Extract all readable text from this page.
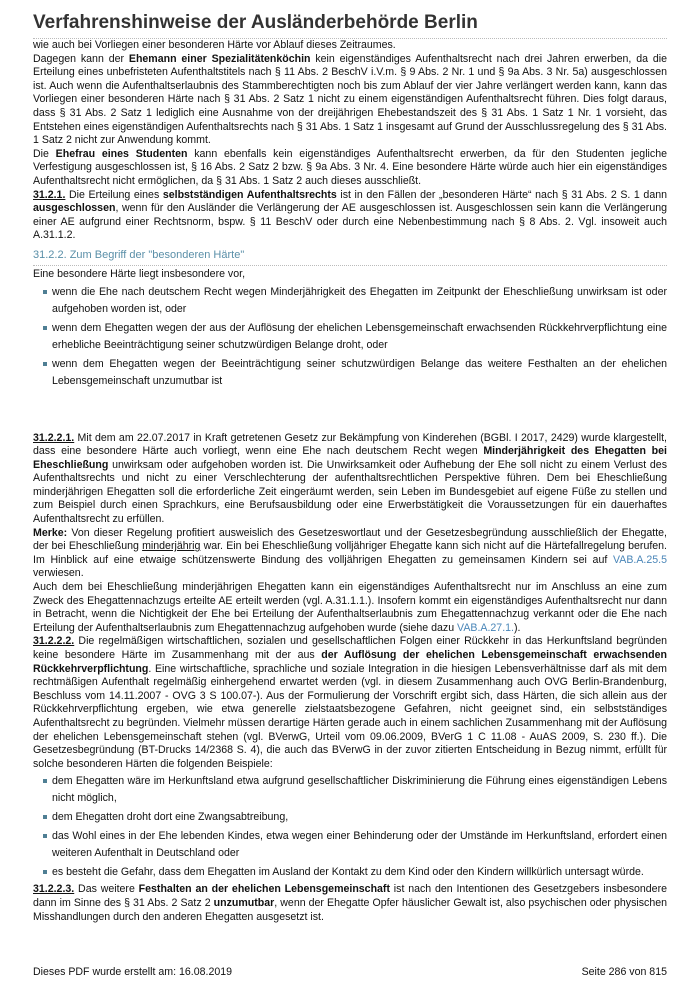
Verfahrenshinweise der Ausländerbehörde Berlin

wie auch bei Vorliegen einer besonderen Härte vor Ablauf dieses Zeitraumes.

Dagegen kann der Ehemann einer Spezialitätenköchin kein eigenständiges Aufenthaltsrecht nach drei Jahren erwerben, da die Erteilung eines unbefristeten Aufenthaltstitels nach § 11 Abs. 2 BeschV i.V.m. § 9 Abs. 2 Nr. 1 und § 9a Abs. 3 Nr. 5a) ausgeschlossen ist. Auch wenn die Aufenthaltserlaubnis des Stammberechtigten noch bis zum Ablauf der vier Jahre verlängert werden kann, kann das Vorliegen einer besonderen Härte nach § 31 Abs. 2 Satz 1 nicht zu einem eigenständigen Aufenthaltsrecht führen. Dies folgt daraus, dass § 31 Abs. 2 Satz 1 lediglich eine Ausnahme von der dreijährigen Ehebestandszeit des § 31 Abs. 1 Satz 1 Nr. 1 vorsieht, das Entstehen eines eigenständigen Aufenthaltsrechts nach § 31 Abs. 1 Satz 1 insgesamt auf Grund der Ausschlussregelung des § 31 Abs. 1 Satz 2 nicht zur Anwendung kommt.

Die Ehefrau eines Studenten kann ebenfalls kein eigenständiges Aufenthaltsrecht erwerben, da für den Studenten jegliche Verfestigung ausgeschlossen ist, § 16 Abs. 2 Satz 2 bzw. § 9a Abs. 3 Nr. 4. Eine besondere Härte würde auch hier ein eigenständiges Aufenthaltsrecht nicht ermöglichen, da § 31 Abs. 1 Satz 2 auch dieses ausschließt.

31.2.1. Die Erteilung eines selbstständigen Aufenthaltsrechts ist in den Fällen der „besonderen Härte“ nach § 31 Abs. 2 S. 1 dann ausgeschlossen, wenn für den Ausländer die Verlängerung der AE ausgeschlossen ist. Ausgeschlossen sein kann die Verlängerung einer AE aufgrund einer Rechtsnorm, bspw. § 11 BeschV oder durch eine Nebenbestimmung nach § 8 Abs. 2. Vgl. insoweit auch A.31.1.2.

31.2.2. Zum Begriff der "besonderen Härte"

Eine besondere Härte liegt insbesondere vor,

wenn die Ehe nach deutschem Recht wegen Minderjährigkeit des Ehegatten im Zeitpunkt der Eheschließung unwirksam ist oder aufgehoben worden ist, oder
wenn dem Ehegatten wegen der aus der Auflösung der ehelichen Lebensgemeinschaft erwachsenden Rückkehrverpflichtung eine erhebliche Beeinträchtigung seiner schutzwürdigen Belange droht, oder
wenn dem Ehegatten wegen der Beeinträchtigung seiner schutzwürdigen Belange das weitere Festhalten an der ehelichen Lebensgemeinschaft unzumutbar ist

31.2.2.1. Mit dem am 22.07.2017 in Kraft getretenen Gesetz zur Bekämpfung von Kinderehen (BGBl. I 2017, 2429) wurde klargestellt, dass eine besondere Härte auch vorliegt, wenn eine Ehe nach deutschem Recht wegen Minderjährigkeit des Ehegatten bei Eheschließung unwirksam oder aufgehoben worden ist. Die Unwirksamkeit oder Aufhebung der Ehe soll nicht zu einem Verlust des Aufenthaltsrechts und nicht zu einer Verschlechterung der aufenthaltsrechtlichen Perspektive führen. Dem bei Eheschließung minderjährigen Ehegatten soll die erforderliche Zeit eingeräumt werden, sein Leben im Bundesgebiet auf eigene Füße zu stellen und zum Beispiel durch einen Sprachkurs, eine Berufsausbildung oder eine Erwerbstätigkeit die Voraussetzungen für ein dauerhaftes Aufenthaltsrecht zu erfüllen.

Merke: Von dieser Regelung profitiert ausweislich des Gesetzeswortlaut und der Gesetzesbegründung ausschließlich der Ehegatte, der bei Eheschließung minderjährig war. Ein bei Eheschließung volljähriger Ehegatte kann sich nicht auf die Härtefallregelung berufen. Im Hinblick auf eine etwaige schützenswerte Bindung des volljährigen Ehegatten zu gemeinsamen Kindern sei auf VAB.A.25.5 verwiesen.

Auch dem bei Eheschließung minderjährigen Ehegatten kann ein eigenständiges Aufenthaltsrecht nur im Anschluss an eine zum Zweck des Ehegattennachzugs erteilte AE erteilt werden (vgl. A.31.1.1.). Insofern kommt ein eigenständiges Aufenthaltsrecht nur dann in Betracht, wenn die Nichtigkeit der Ehe bei Erteilung der Aufenthaltserlaubnis zum Ehegattennachzug verkannt oder die Ehe nach Erteilung der Aufenthaltserlaubnis zum Ehegattennachzug aufgehoben wurde (siehe dazu VAB.A.27.1.).

31.2.2.2. Die regelmäßigen wirtschaftlichen, sozialen und gesellschaftlichen Folgen einer Rückkehr in das Herkunftsland begründen keine besondere Härte im Zusammenhang mit der aus der Auflösung der ehelichen Lebensgemeinschaft erwachsenden Rückkehrverpflichtung. Eine wirtschaftliche, sprachliche und soziale Integration in die hiesigen Lebensverhältnisse darf als mit dem rechtmäßigen Aufenthalt regelmäßig einhergehend erwartet werden (vgl. in diesem Zusammenhang auch OVG Berlin-Brandenburg, Beschluss vom 14.11.2007 - OVG 3 S 100.07-). Aus der Formulierung der Vorschrift ergibt sich, dass Härten, die sich allein aus der Rückkehrverpflichtung ergeben, wie etwa generelle zielstaatsbezogene Gefahren, nicht geeignet sind, ein selbstständiges Aufenthaltsrecht zu begründen. Vielmehr müssen derartige Härten gerade auch in einem sachlichen Zusammenhang mit der Auflösung der ehelichen Lebensgemeinschaft stehen (vgl. BVerwG, Urteil vom 09.06.2009, BVerG 1 C 11.08 - AuAS 2009, S. 230 ff.). Die Gesetzesbegründung (BT-Drucks 14/2368 S. 4), die auch das BVerwG in der zuvor zitierten Entscheidung in Bezug nimmt, erfüllt für solche besonderen Härten die folgenden Beispiele:

dem Ehegatten wäre im Herkunftsland etwa aufgrund gesellschaftlicher Diskriminierung die Führung eines eigenständigen Lebens nicht möglich,
dem Ehegatten droht dort eine Zwangsabtreibung,
das Wohl eines in der Ehe lebenden Kindes, etwa wegen einer Behinderung oder der Umstände im Herkunftsland, erfordert einen weiteren Aufenthalt in Deutschland oder
es besteht die Gefahr, dass dem Ehegatten im Ausland der Kontakt zu dem Kind oder den Kindern willkürlich untersagt würde.

31.2.2.3. Das weitere Festhalten an der ehelichen Lebensgemeinschaft ist nach den Intentionen des Gesetzgebers insbesondere dann im Sinne des § 31 Abs. 2 Satz 2 unzumutbar, wenn der Ehegatte Opfer häuslicher Gewalt ist, also psychischen oder physischen Misshandlungen durch den anderen Ehegatten ausgesetzt ist.

Dieses PDF wurde erstellt am: 16.08.2019	Seite 286 von 815
